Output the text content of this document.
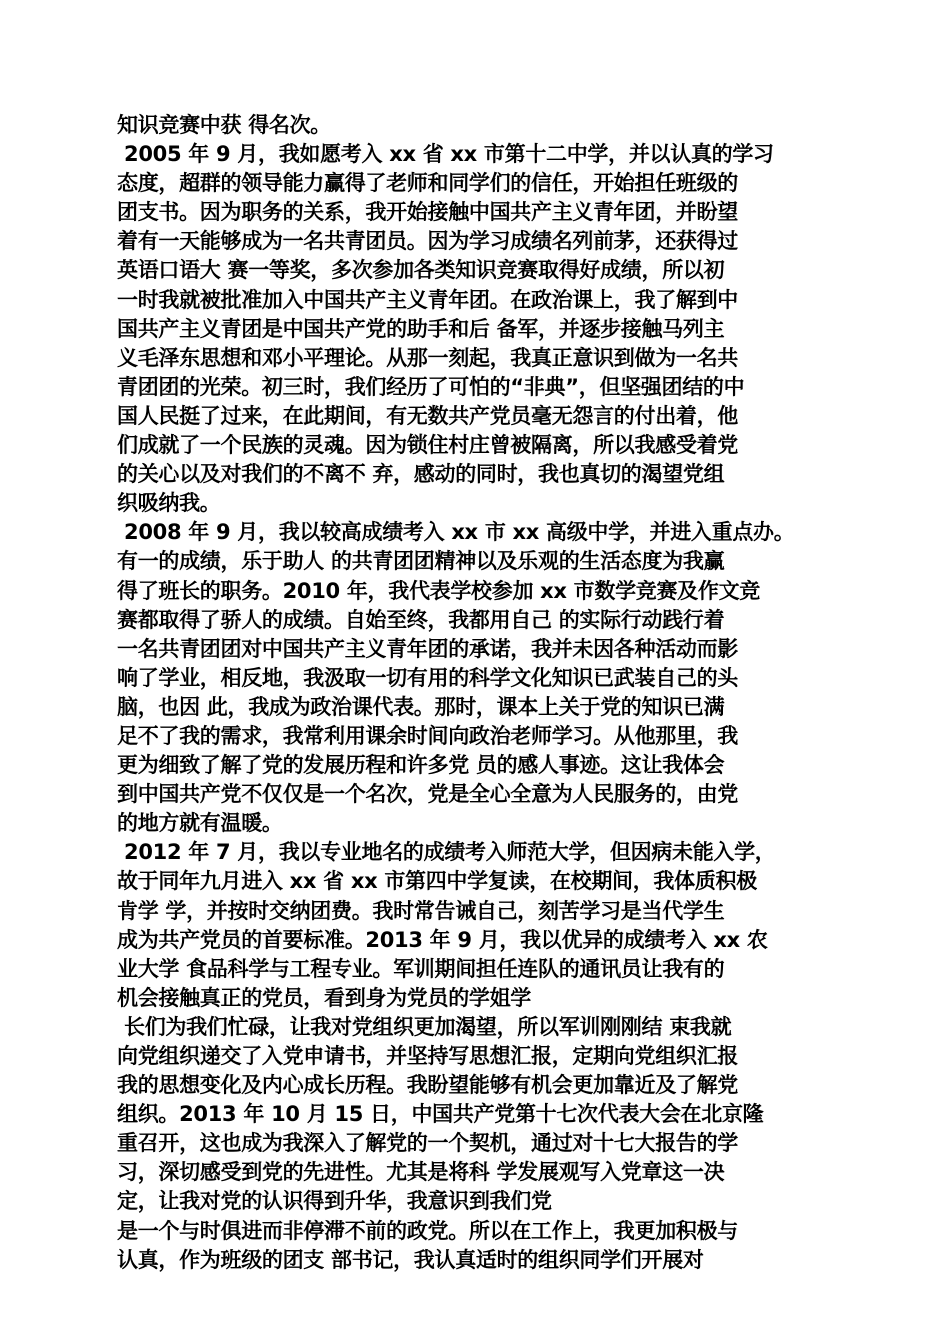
知识竞赛中获 得名次。
2005 年 9 月，我如愿考入 xx 省 xx 市第十二中学，并以认真的学习
态度，超群的领导能力赢得了老师和同学们的信任，开始担任班级的
团支书。因为职务的关系，我开始接触中国共产主义青年团，并盼望
着有一天能够成为一名共青团员。因为学习成绩名列前茅，还获得过
英语口语大 赛一等奖，多次参加各类知识竞赛取得好成绩，所以初
一时我就被批准加入中国共产主义青年团。在政治课上，我了解到中
国共产主义青团是中国共产党的助手和后 备军，并逐步接触马列主
义毛泽东思想和邓小平理论。从那一刻起，我真正意识到做为一名共
青团团的光荣。初三时，我们经历了可怕的“非典”，但坚强团结的中
国人民挺了过来，在此期间，有无数共产党员毫无怨言的付出着，他
们成就了一个民族的灵魂。因为锁住村庄曾被隔离，所以我感受着党
的关心以及对我们的不离不 弃，感动的同时，我也真切的渴望党组
织吸纳我。
2008 年 9 月，我以较高成绩考入 xx 市 xx 高级中学，并进入重点办。
有一的成绩，乐于助人 的共青团团精神以及乐观的生活态度为我赢
得了班长的职务。2010 年，我代表学校参加 xx 市数学竞赛及作文竞
赛都取得了骄人的成绩。自始至终，我都用自己 的实际行动践行着
一名共青团团对中国共产主义青年团的承诺，我并未因各种活动而影
响了学业，相反地，我汲取一切有用的科学文化知识已武装自己的头
脑，也因 此，我成为政治课代表。那时，课本上关于党的知识已满
足不了我的需求，我常利用课余时间向政治老师学习。从他那里，我
更为细致了解了党的发展历程和许多党 员的感人事迹。这让我体会
到中国共产党不仅仅是一个名次，党是全心全意为人民服务的，由党
的地方就有温暖。
2012 年 7 月，我以专业地名的成绩考入师范大学，但因病未能入学，
故于同年九月进入 xx 省 xx 市第四中学复读，在校期间，我体质积极
肯学 学，并按时交纳团费。我时常告诫自己，刻苦学习是当代学生
成为共产党员的首要标准。2013 年 9 月，我以优异的成绩考入 xx 农
业大学 食品科学与工程专业。军训期间担任连队的通讯员让我有的
机会接触真正的党员，看到身为党员的学姐学
长们为我们忙碌，让我对党组织更加渴望，所以军训刚刚结 束我就
向党组织递交了入党申请书，并坚持写思想汇报，定期向党组织汇报
我的思想变化及内心成长历程。我盼望能够有机会更加靠近及了解党
组织。2013 年 10 月 15 日，中国共产党第十七次代表大会在北京隆
重召开，这也成为我深入了解党的一个契机，通过对十七大报告的学
习，深切感受到党的先进性。尤其是将科 学发展观写入党章这一决
定，让我对党的认识得到升华，我意识到我们党
是一个与时俱进而非停滞不前的政党。所以在工作上，我更加积极与
认真，作为班级的团支 部书记，我认真适时的组织同学们开展对
